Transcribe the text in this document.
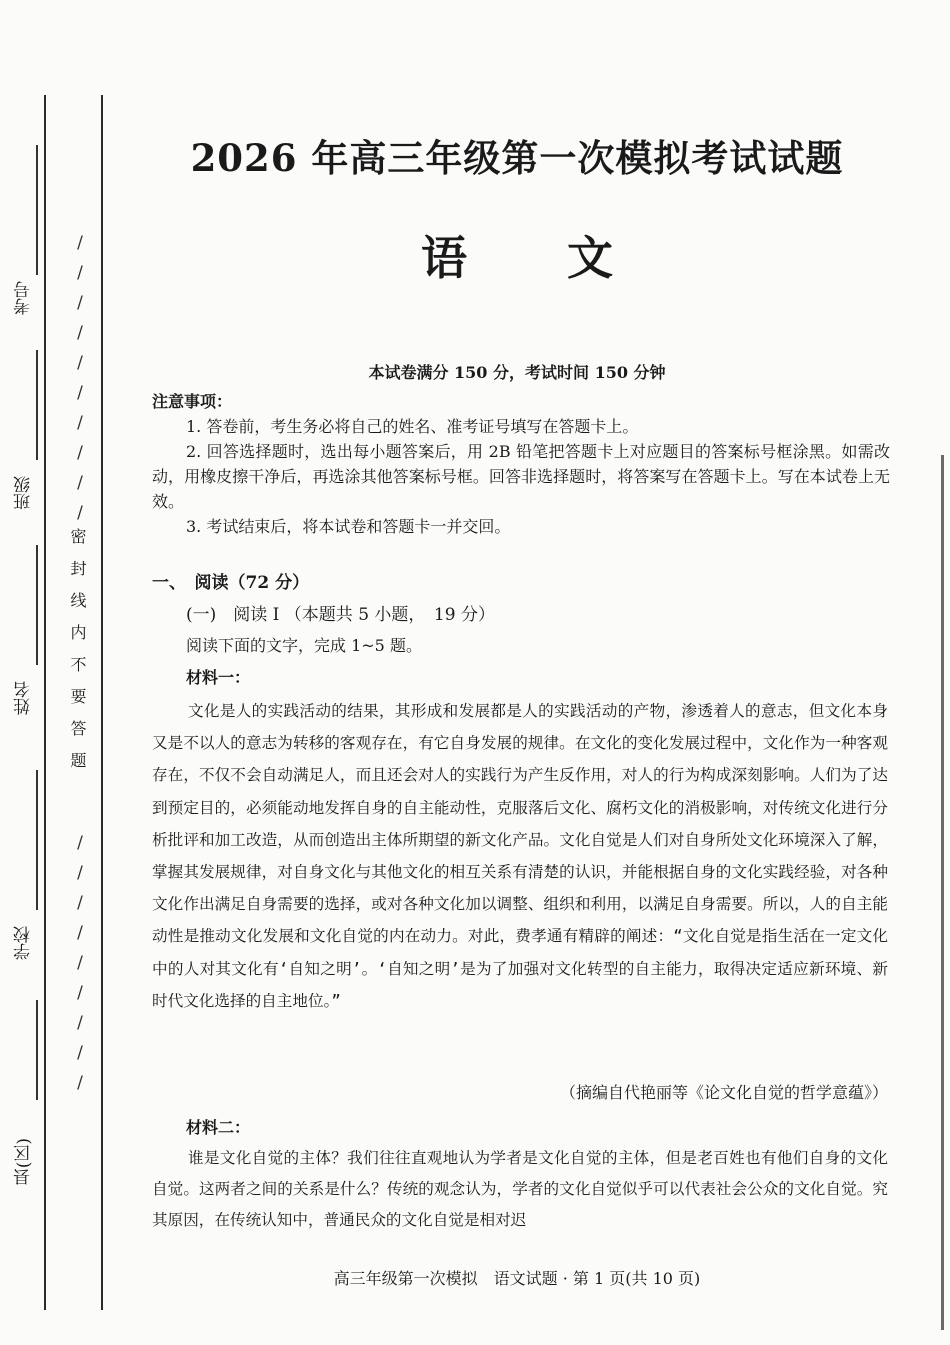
考号
班级
姓名
学校
县(区)
/
/
/
/
/
/
/
/
/
/
密封线内不要答题
/
/
/
/
/
/
/
/
/
2026 年高三年级第一次模拟考试试题
语文
本试卷满分 150 分，考试时间 150 分钟
注意事项：

1. 答卷前，考生务必将自己的姓名、准考证号填写在答题卡上。

2. 回答选择题时，选出每小题答案后，用 2B 铅笔把答题卡上对应题目的答案标号框涂黑。如需改动，用橡皮擦干净后，再选涂其他答案标号框。回答非选择题时，将答案写在答题卡上。写在本试卷上无效。

3. 考试结束后，将本试卷和答题卡一并交回。

一、　阅读（72 分）
(一)　阅读 I （本题共 5 小题，　19 分）
阅读下面的文字，完成 1~5 题。
材料一：

文化是人的实践活动的结果，其形成和发展都是人的实践活动的产物，渗透着人的意志，但文化本身又是不以人的意志为转移的客观存在，有它自身发展的规律。在文化的变化发展过程中，文化作为一种客观存在，不仅不会自动满足人，而且还会对人的实践行为产生反作用，对人的行为构成深刻影响。人们为了达到预定目的，必须能动地发挥自身的自主能动性，克服落后文化、腐朽文化的消极影响，对传统文化进行分析批评和加工改造，从而创造出主体所期望的新文化产品。文化自觉是人们对自身所处文化环境深入了解，掌握其发展规律，对自身文化与其他文化的相互关系有清楚的认识，并能根据自身的文化实践经验，对各种文化作出满足自身需要的选择，或对各种文化加以调整、组织和利用，以满足自身需要。所以，人的自主能动性是推动文化发展和文化自觉的内在动力。对此，费孝通有精辟的阐述：“文化自觉是指生活在一定文化中的人对其文化有‘自知之明’。‘自知之明’是为了加强对文化转型的自主能力，取得决定适应新环境、新时代文化选择的自主地位。”

（摘编自代艳丽等《论文化自觉的哲学意蕴》）
材料二：

谁是文化自觉的主体？我们往往直观地认为学者是文化自觉的主体，但是老百姓也有他们自身的文化自觉。这两者之间的关系是什么？传统的观念认为，学者的文化自觉似乎可以代表社会公众的文化自觉。究其原因，在传统认知中，普通民众的文化自觉是相对迟

高三年级第一次模拟　语文试题 · 第 1 页(共 10 页)
